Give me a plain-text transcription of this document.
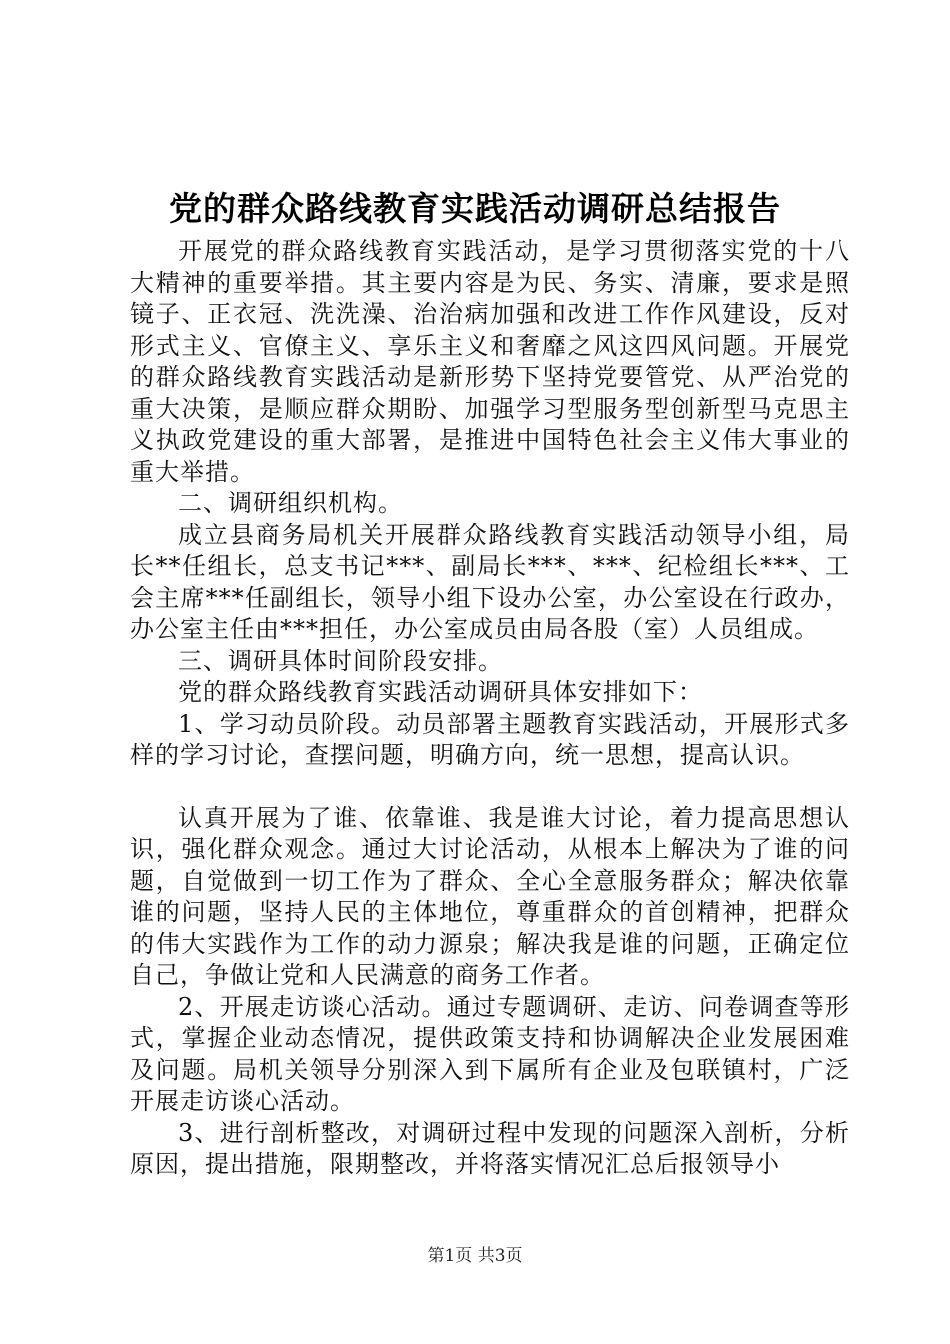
党的群众路线教育实践活动调研总结报告

开展党的群众路线教育实践活动，是学习贯彻落实党的十八大精神的重要举措。其主要内容是为民、务实、清廉，要求是照镜子、正衣冠、洗洗澡、治治病加强和改进工作作风建设，反对形式主义、官僚主义、享乐主义和奢靡之风这四风问题。开展党的群众路线教育实践活动是新形势下坚持党要管党、从严治党的重大决策，是顺应群众期盼、加强学习型服务型创新型马克思主义执政党建设的重大部署，是推进中国特色社会主义伟大事业的重大举措。

二、调研组织机构。

成立县商务局机关开展群众路线教育实践活动领导小组，局长**任组长，总支书记***、副局长***、***、纪检组长***、工会主席***任副组长，领导小组下设办公室，办公室设在行政办，办公室主任由***担任，办公室成员由局各股（室）人员组成。

三、调研具体时间阶段安排。

党的群众路线教育实践活动调研具体安排如下：

1、学习动员阶段。动员部署主题教育实践活动，开展形式多样的学习讨论，查摆问题，明确方向，统一思想，提高认识。

认真开展为了谁、依靠谁、我是谁大讨论，着力提高思想认识，强化群众观念。通过大讨论活动，从根本上解决为了谁的问题，自觉做到一切工作为了群众、全心全意服务群众；解决依靠谁的问题，坚持人民的主体地位，尊重群众的首创精神，把群众的伟大实践作为工作的动力源泉；解决我是谁的问题，正确定位自己，争做让党和人民满意的商务工作者。

2、开展走访谈心活动。通过专题调研、走访、问卷调查等形式，掌握企业动态情况，提供政策支持和协调解决企业发展困难及问题。局机关领导分别深入到下属所有企业及包联镇村，广泛开展走访谈心活动。

3、进行剖析整改，对调研过程中发现的问题深入剖析，分析原因，提出措施，限期整改，并将落实情况汇总后报领导小

第1页 共3页
